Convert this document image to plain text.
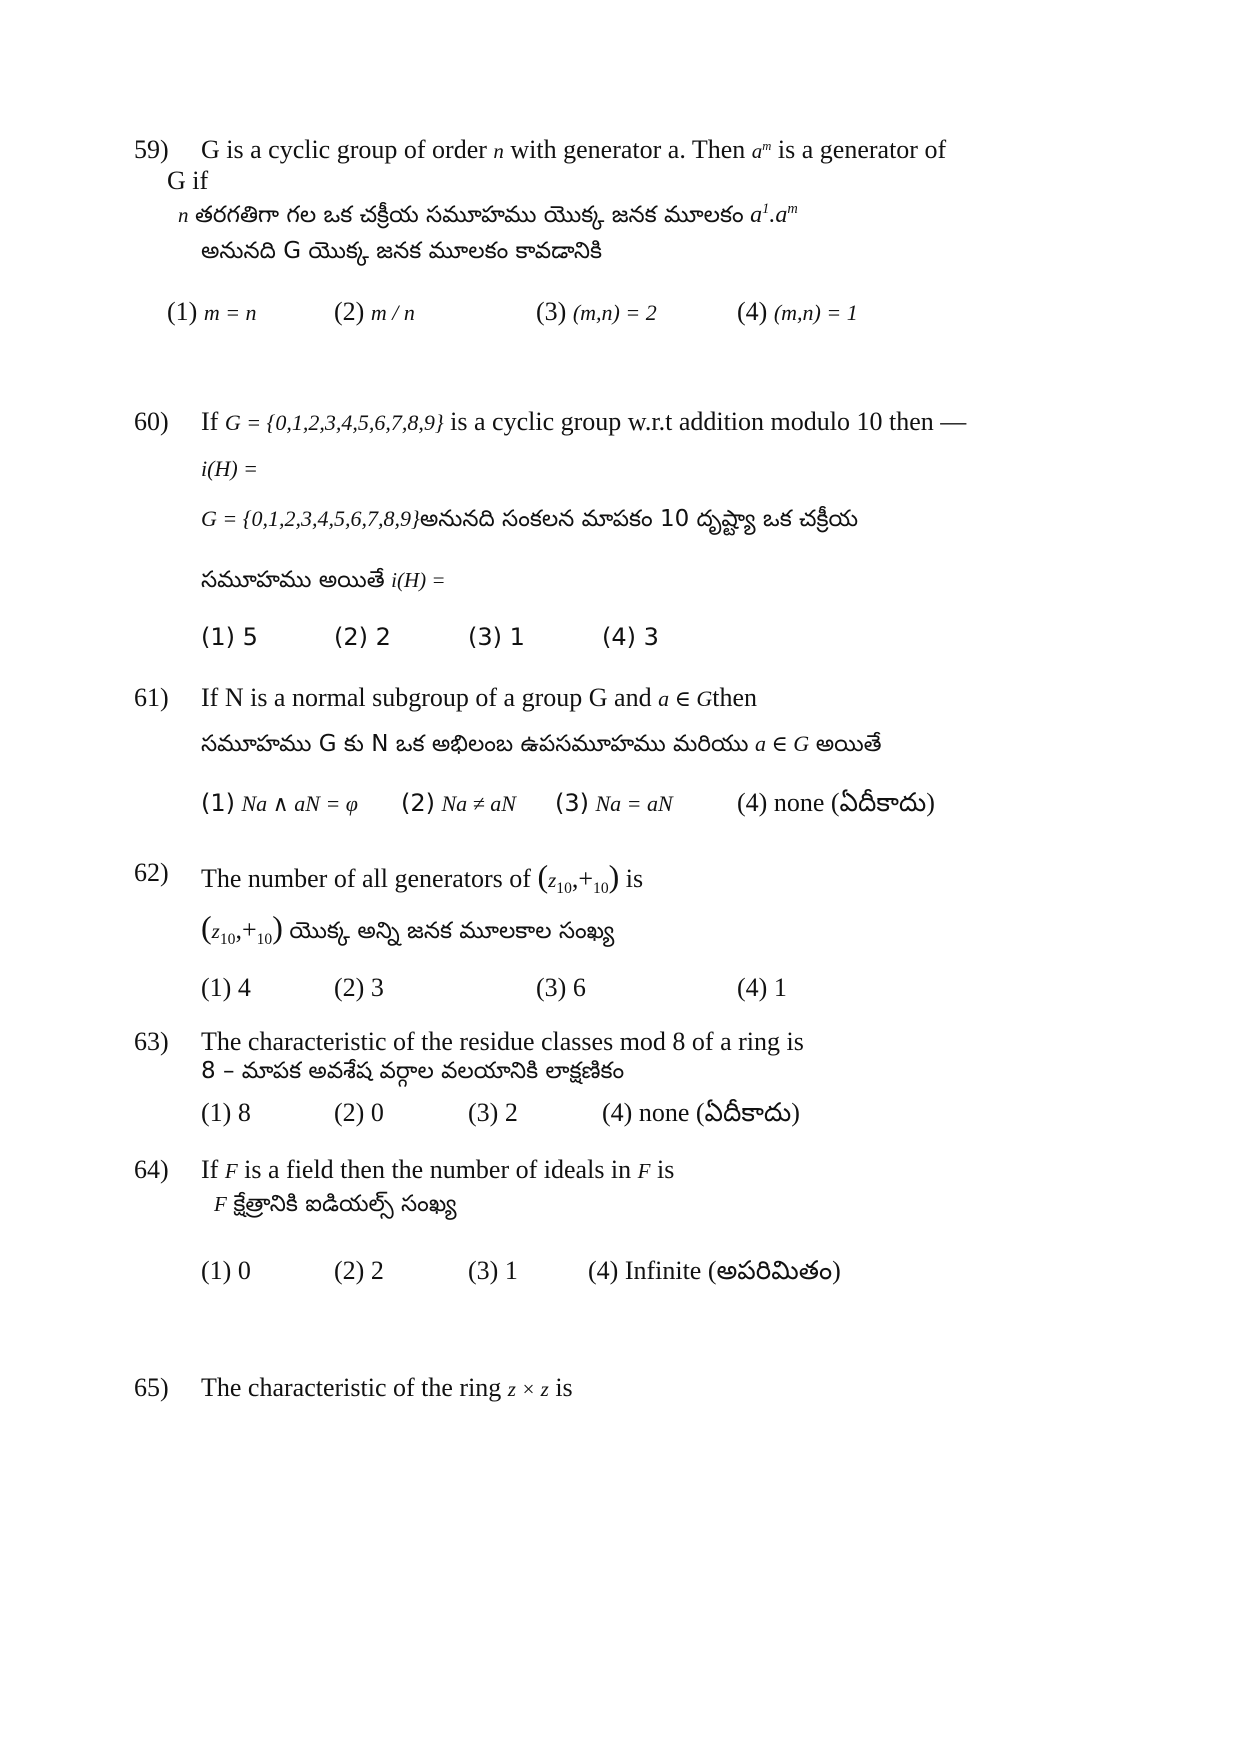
59) G is a cyclic group of order n with generator a. Then $a^m$ is a generator of
G if
n తరగతిగా గల ఒక చక్రీయ సమూహము యొక్క జనక మూలకం $a^1.a^m$
అనునది G యొక్క జనక మూలకం కావడానికి
(1) m = n	(2) m / n	(3) (m,n) = 2	(4) (m,n) = 1
60) If G = {0,1,2,3,4,5,6,7,8,9} is a cyclic group w.r.t addition modulo 10 then —
i(H) =
G = {0,1,2,3,4,5,6,7,8,9}అనునది సంకలన మాపకం 10 దృష్ట్యా ఒక చక్రీయ
సమూహము అయితే i(H) =
(1) 5	(2) 2	(3) 1	(4) 3
61) If N is a normal subgroup of a group G and a ∈ Gthen
సమూహము G కు N ఒక అభిలంబ ఉపసమూహము మరియు a ∈ G అయితే
(1) Na ∧ aN = φ (2) Na ≠ aN (3) Na = aN (4) none (ఏదీకాదు)
62) The number of all generators of $(z_{10},+_{10})$ is
$(z_{10},+_{10})$ యొక్క అన్ని జనక మూలకాల సంఖ్య
(1) 4	(2) 3	(3) 6	(4) 1
63) The characteristic of the residue classes mod 8 of a ring is
8 – మాపక అవశేష వర్గాల వలయానికి లాక్షణికం
(1) 8	(2) 0	(3) 2	(4) none (ఏదీకాదు)
64) If F is a field then the number of ideals in F is
F క్షేత్రానికి ఐడియల్స్ సంఖ్య
(1) 0	(2) 2	(3) 1	(4) Infinite (అపరిమితం)
65) The characteristic of the ring z × z is
